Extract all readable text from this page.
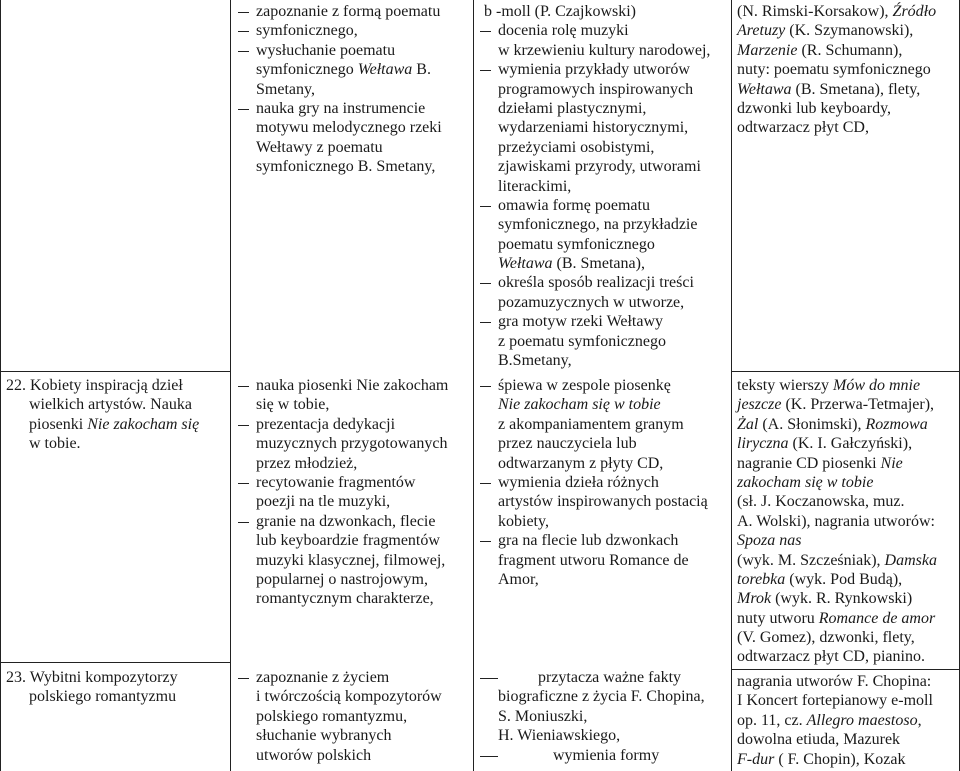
zapoznanie z formą poematu
symfonicznego,
wysłuchanie poematu
symfonicznego Wełtawa B.
Smetany,
nauka gry na instrumencie
motywu melodycznego rzeki
Wełtawy z poematu
symfonicznego B. Smetany,
b -moll (P. Czajkowski)
docenia rolę muzyki
w krzewieniu kultury narodowej,
wymienia przykłady utworów
programowych inspirowanych
dziełami plastycznymi,
wydarzeniami historycznymi,
przeżyciami osobistymi,
zjawiskami przyrody, utworami
literackimi,
omawia formę poematu
symfonicznego, na przykładzie
poematu symfonicznego
Wełtawa (B. Smetana),
określa sposób realizacji treści
pozamuzycznych w utworze,
gra motyw rzeki Wełtawy
z poematu symfonicznego
B.Smetany,
(N. Rimski-Korsakow), Źródło
Aretuzy (K. Szymanowski),
Marzenie (R. Schumann),
nuty: poematu symfonicznego
Wełtawa (B. Smetana), flety,
dzwonki lub keyboardy,
odtwarzacz płyt CD,
22. Kobiety inspiracją dzieł
wielkich artystów. Nauka
piosenki Nie zakocham się
w tobie.
nauka piosenki Nie zakocham
się w tobie,
prezentacja dedykacji
muzycznych przygotowanych
przez młodzież,
recytowanie fragmentów
poezji na tle muzyki,
granie na dzwonkach, flecie
lub keyboardzie fragmentów
muzyki klasycznej, filmowej,
popularnej o nastrojowym,
romantycznym charakterze,
śpiewa w zespole piosenkę
Nie zakocham się w tobie
z akompaniamentem granym
przez nauczyciela lub
odtwarzanym z płyty CD,
wymienia dzieła różnych
artystów inspirowanych postacią
kobiety,
gra na flecie lub dzwonkach
fragment utworu Romance de
Amor,
teksty wierszy Mów do mnie
jeszcze (K. Przerwa-Tetmajer),
Żal (A. Słonimski), Rozmowa
liryczna (K. I. Gałczyński),
nagranie CD piosenki Nie
zakocham się w tobie
(sł. J. Koczanowska, muz.
A. Wolski), nagrania utworów:
Spoza nas
(wyk. M. Szcześniak), Damska
torebka (wyk. Pod Budą),
Mrok (wyk. R. Rynkowski)
nuty utworu Romance de amor
(V. Gomez), dzwonki, flety,
odtwarzacz płyt CD, pianino.
23. Wybitni kompozytorzy
polskiego romantyzmu
zapoznanie z życiem
i twórczością kompozytorów
polskiego romantyzmu,
słuchanie wybranych
utworów polskich
przytacza ważne fakty
biograficzne z życia F. Chopina,
S. Moniuszki,
H. Wieniawskiego,
wymienia formy
nagrania utworów F. Chopina:
I Koncert fortepianowy e-moll
op. 11, cz. Allegro maestoso,
dowolna etiuda, Mazurek
F-dur ( F. Chopin), Kozak
